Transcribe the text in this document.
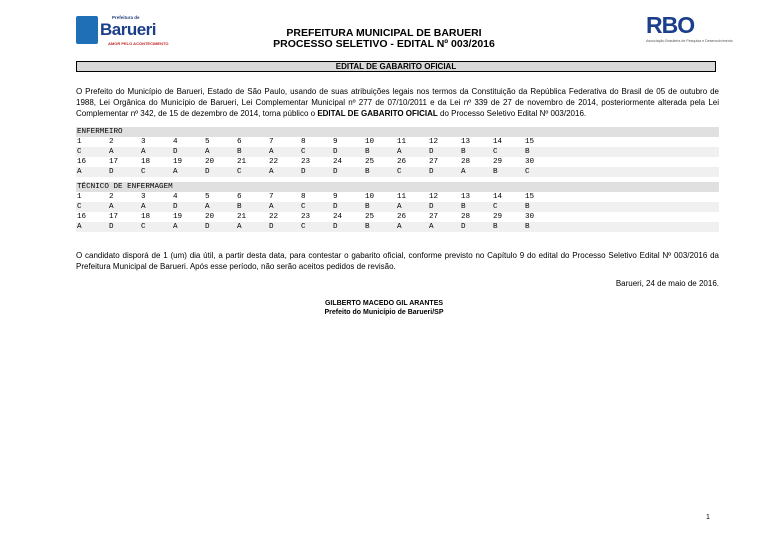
Prefeitura de
Barueri
AMOR PELO ACONTECIMENTO
RBO
Associação Brasileira de Pesquisa e Desenvolvimento
PREFEITURA MUNICIPAL DE BARUERI
PROCESSO SELETIVO - EDITAL Nº 003/2016
EDITAL DE GABARITO OFICIAL
O Prefeito do Município de Barueri, Estado de São Paulo, usando de suas atribuições legais nos termos da Constituição da República Federativa do Brasil de 05 de outubro de 1988, Lei Orgânica do Município de Barueri, Lei Complementar Municipal nº 277 de 07/10/2011 e da Lei nº 339 de 27 de novembro de 2014, posteriormente alterada pela Lei Complementar nº 342, de 15 de dezembro de 2014, torna público o EDITAL DE GABARITO OFICIAL do Processo Seletivo Edital Nº 003/2016.
ENFERMEIRO
1	2	3	4	5	6	7	8	9	10	11	12	13	14	15
C	A	A	D	A	B	A	C	D	B	A	D	B	C	B
16	17	18	19	20	21	22	23	24	25	26	27	28	29	30
A	D	C	A	D	C	A	D	D	B	C	D	A	B	C
TÉCNICO DE ENFERMAGEM
1	2	3	4	5	6	7	8	9	10	11	12	13	14	15
C	A	A	D	A	B	A	C	D	B	A	D	B	C	B
16	17	18	19	20	21	22	23	24	25	26	27	28	29	30
A	D	C	A	D	A	D	C	D	B	A	A	D	B	B
O candidato disporá de 1 (um) dia útil, a partir desta data, para contestar o gabarito oficial, conforme previsto no Capítulo 9 do edital do Processo Seletivo Edital Nº 003/2016 da Prefeitura Municipal de Barueri. Após esse período, não serão aceitos pedidos de revisão.
Barueri, 24 de maio de 2016.
GILBERTO MACEDO GIL ARANTES
Prefeito do Município de Barueri/SP
1
